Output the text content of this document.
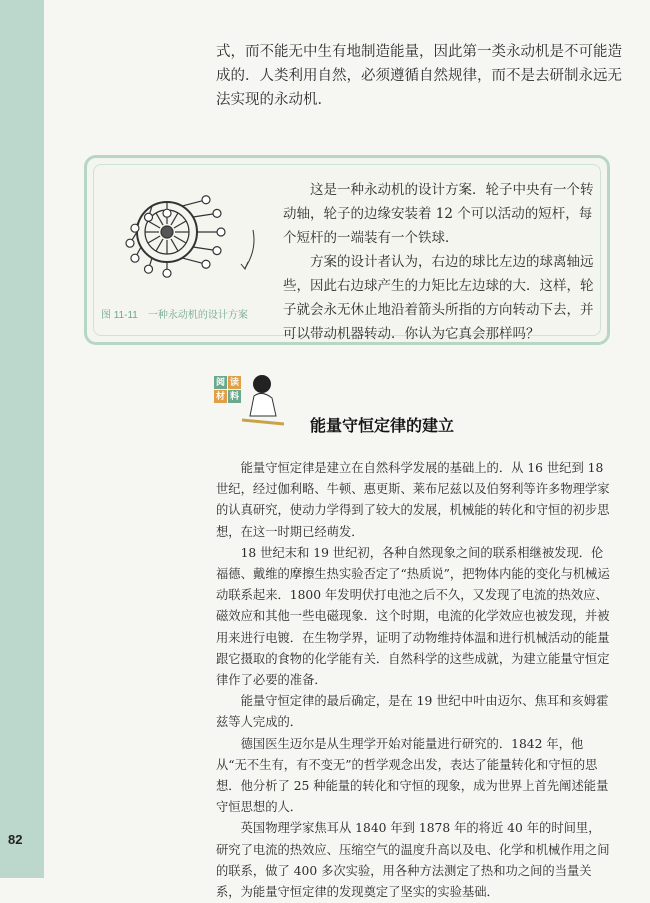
82
式，而不能无中生有地制造能量，因此第一类永动机是不可能造成的．人类利用自然，必须遵循自然规律，而不是去研制永远无法实现的永动机．
图 11-11　一种永动机的设计方案

这是一种永动机的设计方案．轮子中央有一个转动轴，轮子的边缘安装着 12 个可以活动的短杆，每个短杆的一端装有一个铁球．

方案的设计者认为，右边的球比左边的球离轴远些，因此右边球产生的力矩比左边球的大．这样，轮子就会永无休止地沿着箭头所指的方向转动下去，并可以带动机器转动．你认为它真会那样吗？

阅 读
材 料
能量守恒定律的建立

能量守恒定律是建立在自然科学发展的基础上的．从 16 世纪到 18 世纪，经过伽利略、牛顿、惠更斯、莱布尼兹以及伯努利等许多物理学家的认真研究，使动力学得到了较大的发展，机械能的转化和守恒的初步思想，在这一时期已经萌发．

18 世纪末和 19 世纪初，各种自然现象之间的联系相继被发现．伦福德、戴维的摩擦生热实验否定了“热质说”，把物体内能的变化与机械运动联系起来．1800 年发明伏打电池之后不久，又发现了电流的热效应、磁效应和其他一些电磁现象．这个时期，电流的化学效应也被发现，并被用来进行电镀．在生物学界，证明了动物维持体温和进行机械活动的能量跟它摄取的食物的化学能有关．自然科学的这些成就，为建立能量守恒定律作了必要的准备．

能量守恒定律的最后确定，是在 19 世纪中叶由迈尔、焦耳和亥姆霍兹等人完成的．

德国医生迈尔是从生理学开始对能量进行研究的．1842 年，他从“无不生有，有不变无”的哲学观念出发，表达了能量转化和守恒的思想．他分析了 25 种能量的转化和守恒的现象，成为世界上首先阐述能量守恒思想的人．

英国物理学家焦耳从 1840 年到 1878 年的将近 40 年的时间里，研究了电流的热效应、压缩空气的温度升高以及电、化学和机械作用之间的联系，做了 400 多次实验，用各种方法测定了热和功之间的当量关系，为能量守恒定律的发现奠定了坚实的实验基础．
